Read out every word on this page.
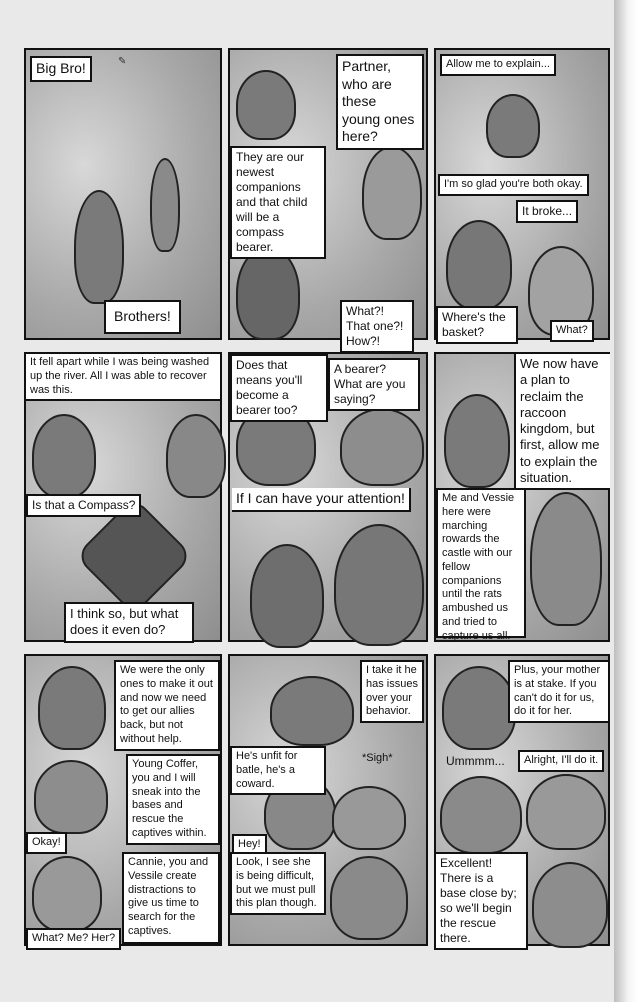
Big Bro!	✎
Brothers!
Partner, who are these young ones here?
They are our newest companions and that child will be a compass bearer.
What?! That one?! How?!
Allow me to explain...
I'm so glad you're both okay.
Where's the basket?
It broke...
What?
It fell apart while I was being washed up the river. All I was able to recover was this.
Is that a Compass?
I think so, but what does it even do?
Does that means you'll become a bearer too?
A bearer? What are you saying?
If I can have your attention!
We now have a plan to reclaim the raccoon kingdom, but first, allow me to explain the situation.
Me and Vessie here were marching rowards the castle with our fellow companions until the rats ambushed us and tried to capture us all.
We were the only ones to make it out and now we need to get our allies back, but not without help.
Young Coffer, you and I will sneak into the bases and rescue the captives within.
Okay!
Cannie, you and Vessile create distractions to give us time to search for the captives.
What? Me? Her?
I take it he has issues over your behavior.
He's unfit for batle, he's a coward.
*Sigh*
Hey!
Look, I see she is being difficult, but we must pull this plan though.
Plus, your mother is at stake. If you can't do it for us, do it for her.
Ummmm...	Alright, I'll do it.
Excellent! There is a base close by; so we'll begin the rescue there.
